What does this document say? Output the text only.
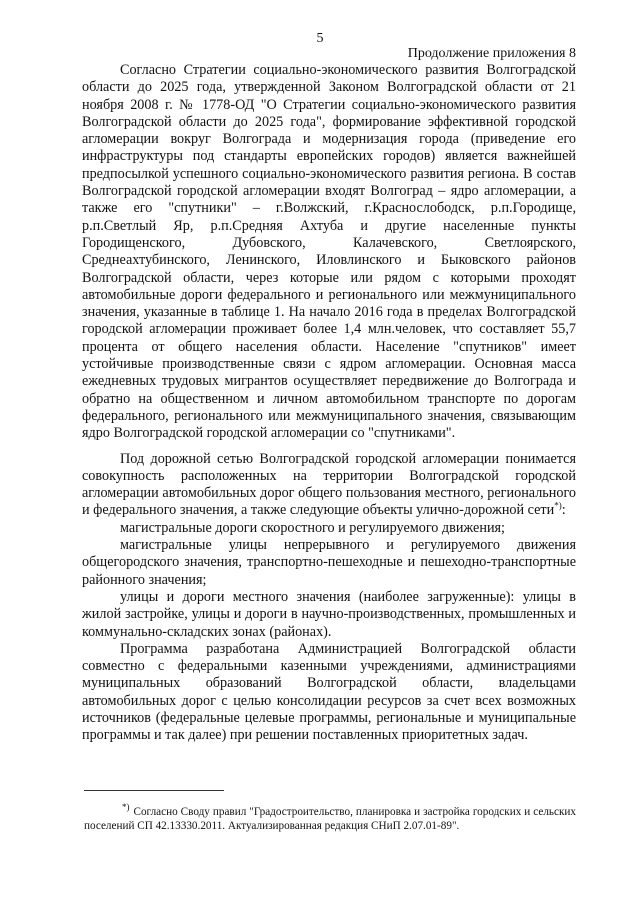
5
Продолжение приложения 8

Согласно Стратегии социально-экономического развития Волгоградской области до 2025 года, утвержденной Законом Волгоградской области от 21 ноября 2008 г. № 1778-ОД "О Стратегии социально-экономического развития Волгоградской области до 2025 года", формирование эффективной городской агломерации вокруг Волгограда и модернизация города (приведение его инфраструктуры под стандарты европейских городов) является важнейшей предпосылкой успешного социально-экономического развития региона. В состав Волгоградской городской агломерации входят Волгоград – ядро агломерации, а также его "спутники" – г.Волжский, г.Краснослободск, р.п.Городище, р.п.Светлый Яр, р.п.Средняя Ахтуба и другие населенные пункты Городищенского, Дубовского, Калачевского, Светлоярского, Среднеахтубинского, Ленинского, Иловлинского и Быковского районов Волгоградской области, через которые или рядом с которыми проходят автомобильные дороги федерального и регионального или межмуниципального значения, указанные в таблице 1. На начало 2016 года в пределах Волгоградской городской агломерации проживает более 1,4 млн.человек, что составляет 55,7 процента от общего населения области. Население "спутников" имеет устойчивые производственные связи с ядром агломерации. Основная масса ежедневных трудовых мигрантов осуществляет передвижение до Волгограда и обратно на общественном и личном автомобильном транспорте по дорогам федерального, регионального или межмуниципального значения, связывающим ядро Волгоградской городской агломерации со "спутниками".

Под дорожной сетью Волгоградской городской агломерации понимается совокупность расположенных на территории Волгоградской городской агломерации автомобильных дорог общего пользования местного, регионального и федерального значения, а также следующие объекты улично-дорожной сети*):

магистральные дороги скоростного и регулируемого движения;

магистральные улицы непрерывного и регулируемого движения общегородского значения, транспортно-пешеходные и пешеходно-транспортные районного значения;

улицы и дороги местного значения (наиболее загруженные): улицы в жилой застройке, улицы и дороги в научно-производственных, промышленных и коммунально-складских зонах (районах).

Программа разработана Администрацией Волгоградской области совместно с федеральными казенными учреждениями, администрациями муниципальных образований Волгоградской области, владельцами автомобильных дорог с целью консолидации ресурсов за счет всех возможных источников (федеральные целевые программы, региональные и муниципальные программы и так далее) при решении поставленных приоритетных задач.

*) Согласно Своду правил "Градостроительство, планировка и застройка городских и сельских поселений СП 42.13330.2011. Актуализированная редакция СНиП 2.07.01-89".
